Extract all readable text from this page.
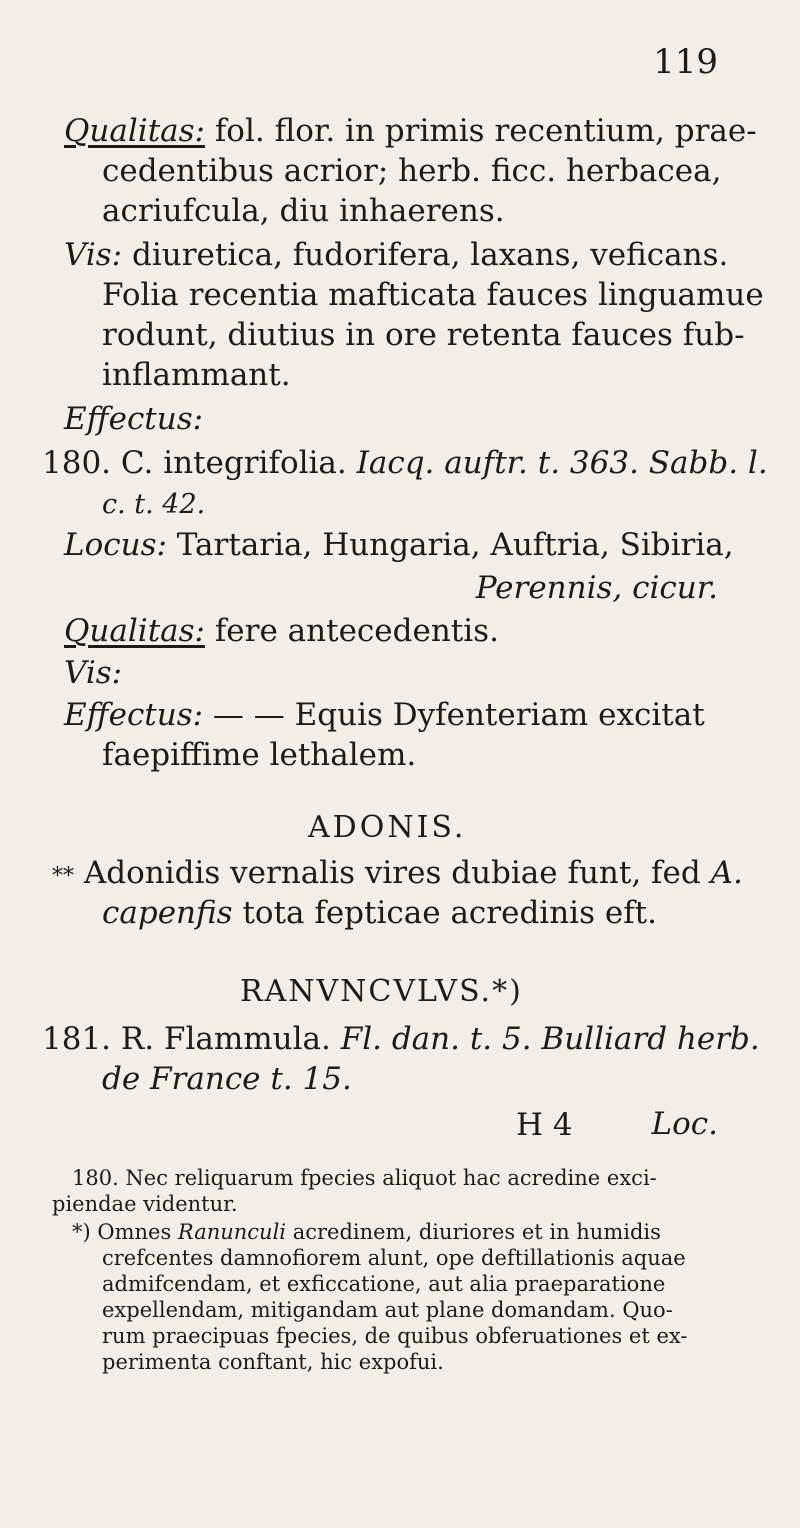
119
Qualitas: fol. flor. in primis recentium, prae-
cedentibus acrior; herb. ficc. herbacea,
acriufcula, diu inhaerens.
Vis: diuretica, fudorifera, laxans, veficans.
Folia recentia mafticata fauces linguamue
rodunt, diutius in ore retenta fauces fub-
inflammant.
Effectus:
180. C. integrifolia. Iacq. auftr. t. 363. Sabb. l.
c. t. 42.
Locus: Tartaria, Hungaria, Auftria, Sibiria,
Perennis, cicur.
Qualitas: fere antecedentis.
Vis:
Effectus: — — Equis Dyfenteriam excitat
faepiffime lethalem.
ADONIS.
** Adonidis vernalis vires dubiae funt, fed A.
capenfis tota fepticae acredinis eft.
RANVNCVLVS.*)
181. R. Flammula. Fl. dan. t. 5. Bulliard herb.
de France t. 15.
H 4	Loc.
180. Nec reliquarum fpecies aliquot hac acredine exci-
piendae videntur.
*) Omnes Ranunculi acredinem, diuriores et in humidis
crefcentes damnofiorem alunt, ope deftillationis aquae
admifcendam, et exficcatione, aut alia praeparatione
expellendam, mitigandam aut plane domandam. Quo-
rum praecipuas fpecies, de quibus obferuationes et ex-
perimenta conftant, hic expofui.
